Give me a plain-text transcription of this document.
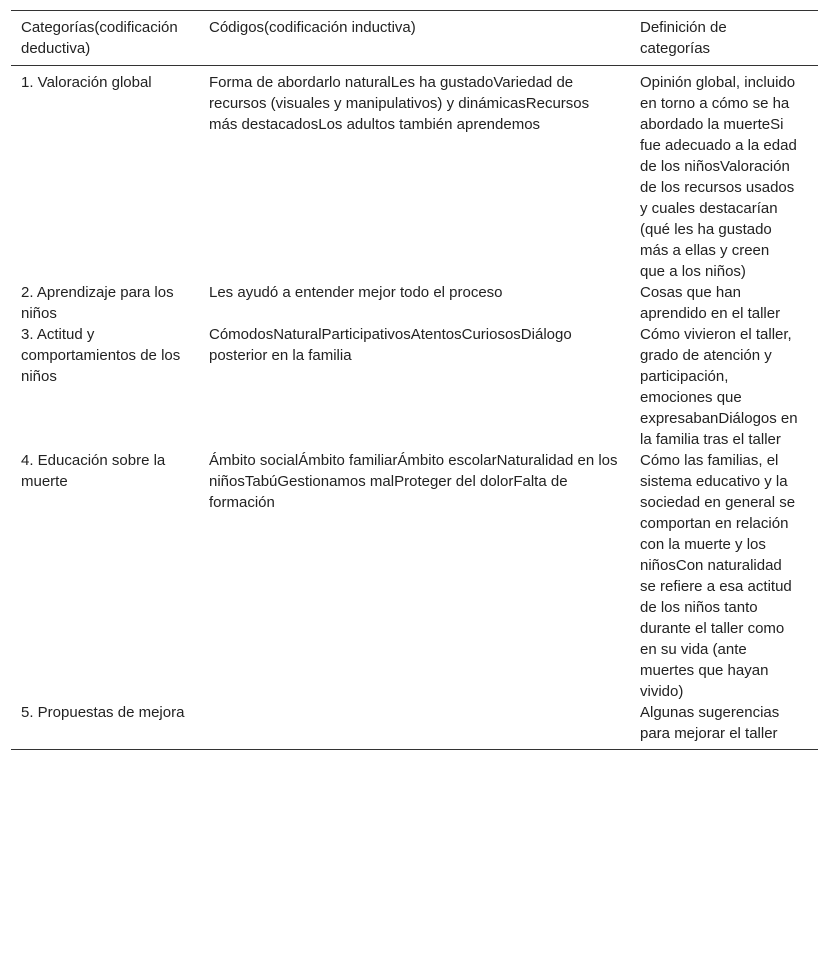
Categorías(codificación deductiva)	Códigos(codificación inductiva)	Definición de categorías
1. Valoración global	Forma de abordarlo naturalLes ha gustadoVariedad de recursos (visuales y manipulativos) y dinámicasRecursos más destacadosLos adultos también aprendemos	Opinión global, incluido en torno a cómo se ha abordado la muerteSi fue adecuado a la edad de los niñosValoración de los recursos usados y cuales destacarían (qué les ha gustado más a ellas y creen que a los niños)
2. Aprendizaje para los niños	Les ayudó a entender mejor todo el proceso	Cosas que han aprendido en el taller
3. Actitud y comportamientos de los niños	CómodosNaturalParticipativosAtentosCuriososDiálogo posterior en la familia	Cómo vivieron el taller, grado de atención y participación, emociones que expresabanDiálogos en la familia tras el taller
4. Educación sobre la muerte	Ámbito socialÁmbito familiarÁmbito escolarNaturalidad en los niñosTabúGestionamos malProteger del dolorFalta de formación	Cómo las familias, el sistema educativo y la sociedad en general se comportan en relación con la muerte y los niñosCon naturalidad se refiere a esa actitud de los niños tanto durante el taller como en su vida (ante muertes que hayan vivido)
5. Propuestas de mejora		Algunas sugerencias para mejorar el taller
